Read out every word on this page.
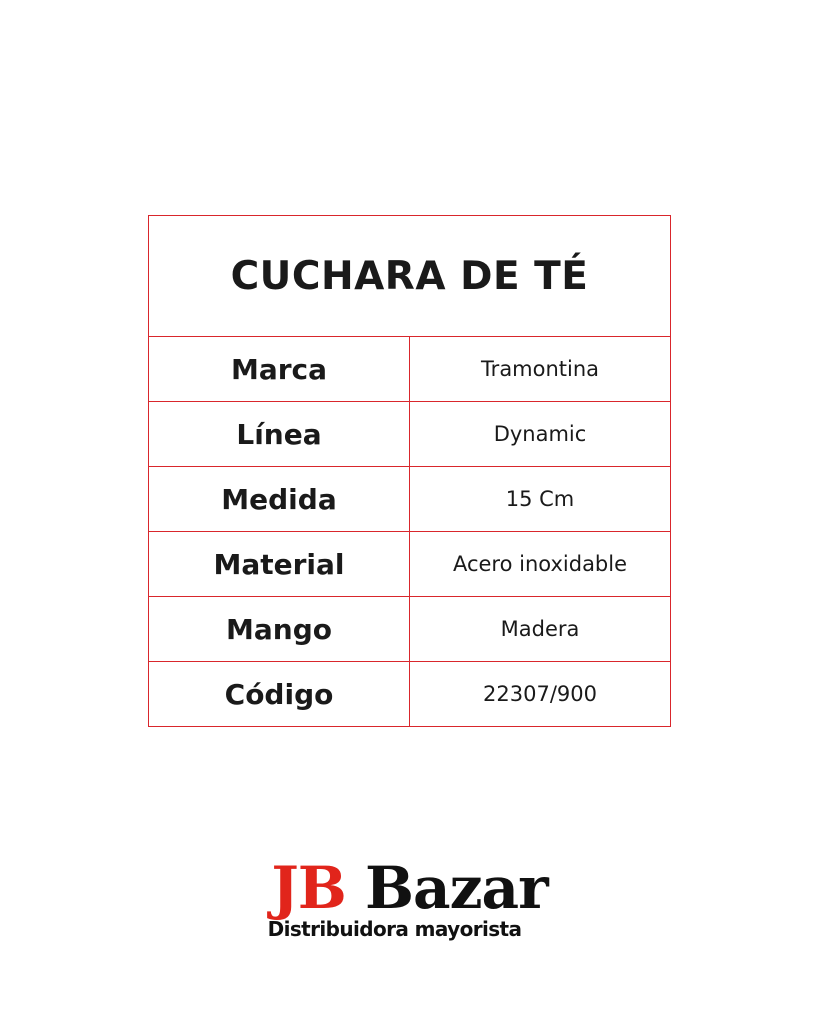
CUCHARA DE TÉ	
Marca	Tramontina
Línea	Dynamic
Medida	15 Cm
Material	Acero inoxidable
Mango	Madera
Código	22307/900
JB Bazar
Distribuidora mayorista
